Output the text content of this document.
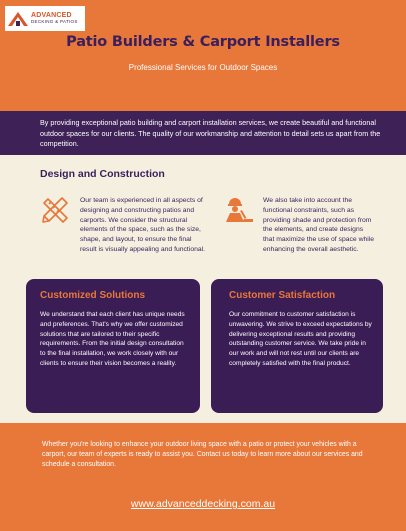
ADVANCED
DECKING & PATIOS
Patio Builders & Carport Installers
Professional Services for Outdoor Spaces
By providing exceptional patio building and carport installation services, we create beautiful and functional outdoor spaces for our clients. The quality of our workmanship and attention to detail sets us apart from the competition.
Design and Construction
Our team is experienced in all aspects of designing and constructing patios and carports. We consider the structural elements of the space, such as the size, shape, and layout, to ensure the final result is visually appealing and functional.
We also take into account the functional constraints, such as providing shade and protection from the elements, and create designs that maximize the use of space while enhancing the overall aesthetic.
Customized Solutions
We understand that each client has unique needs and preferences. That's why we offer customized solutions that are tailored to their specific requirements. From the initial design consultation to the final installation, we work closely with our clients to ensure their vision becomes a reality.
Customer Satisfaction
Our commitment to customer satisfaction is unwavering. We strive to exceed expectations by delivering exceptional results and providing outstanding customer service. We take pride in our work and will not rest until our clients are completely satisfied with the final product.
Whether you're looking to enhance your outdoor living space with a patio or protect your vehicles with a carport, our team of experts is ready to assist you. Contact us today to learn more about our services and schedule a consultation.
www.advanceddecking.com.au
